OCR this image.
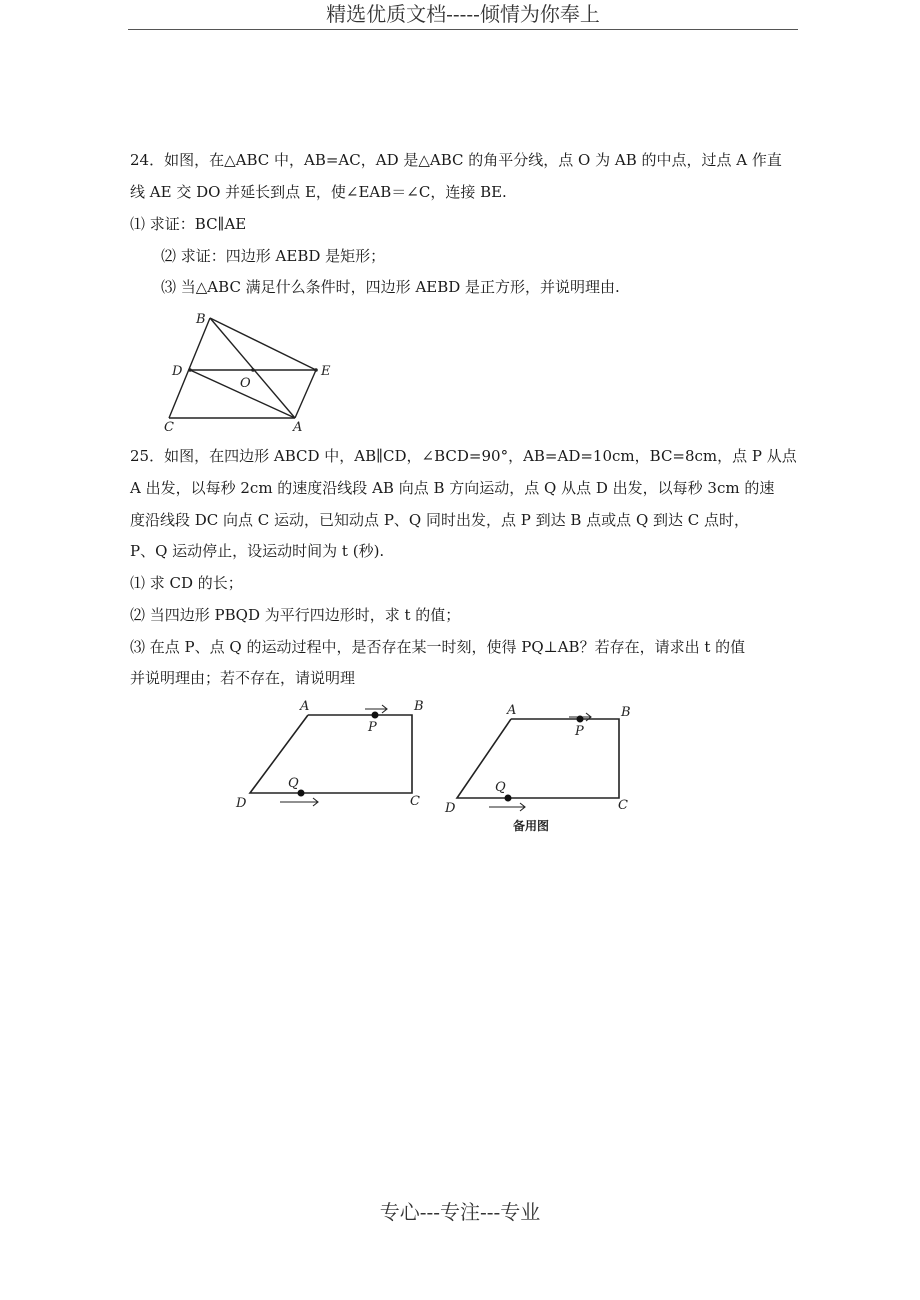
精选优质文档-----倾情为你奉上
24．如图，在△ABC 中，AB=AC，AD 是△ABC 的角平分线，点 O 为 AB 的中点，过点 A 作直
线 AE 交 DO 并延长到点 E，使∠EAB＝∠C，连接 BE.
⑴ 求证：BC∥AE
⑵ 求证：四边形 AEBD 是矩形；
⑶ 当△ABC 满足什么条件时，四边形 AEBD 是正方形，并说明理由.
B
D	E
O
C	A
25．如图，在四边形 ABCD 中，AB∥CD，∠BCD=90°，AB=AD=10cm，BC=8cm，点 P 从点
A 出发，以每秒 2cm 的速度沿线段 AB 向点 B 方向运动，点 Q 从点 D 出发，以每秒 3cm 的速
度沿线段 DC 向点 C 运动，已知动点 P、Q 同时出发，点 P 到达 B 点或点 Q 到达 C 点时，
P、Q 运动停止，设运动时间为 t (秒).
⑴ 求 CD 的长；
⑵ 当四边形 PBQD 为平行四边形时，求 t 的值；
⑶ 在点 P、点 Q 的运动过程中，是否存在某一时刻，使得 PQ⊥AB？若存在，请求出 t 的值
并说明理由；若不存在，请说明理
A	B
P
Q
D	C
A	B
P
Q
D	C
备用图
专心---专注---专业
